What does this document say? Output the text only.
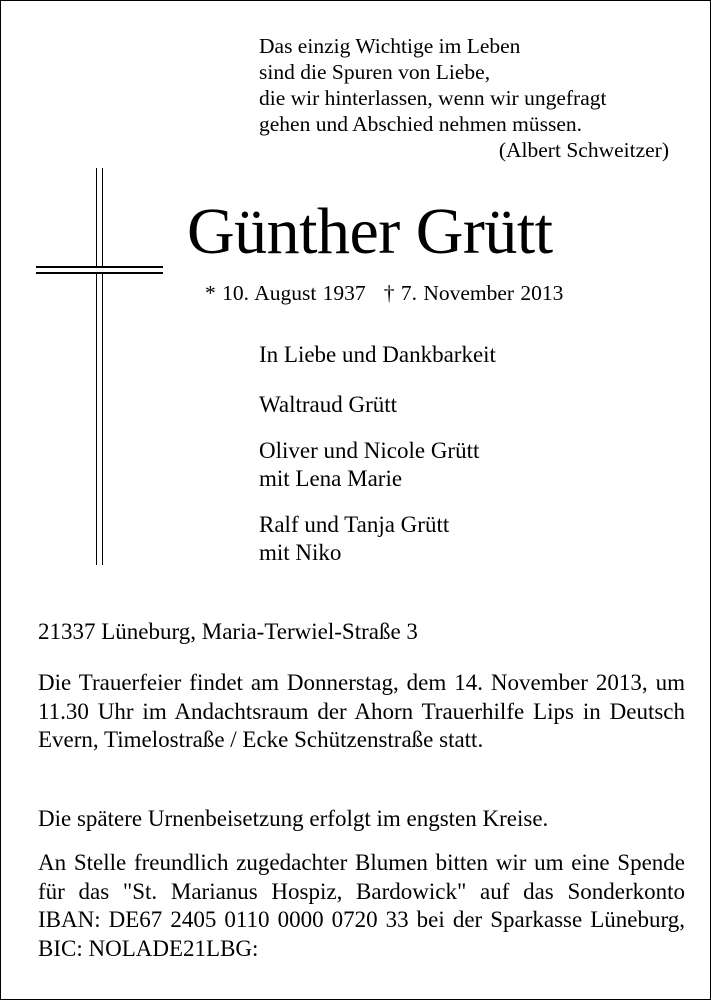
Das einzig Wichtige im Leben
sind die Spuren von Liebe,
die wir hinterlassen, wenn wir ungefragt
gehen und Abschied nehmen müssen.
(Albert Schweitzer)
Günther Grütt
* 10. August 1937 † 7. November 2013
In Liebe und Dankbarkeit
Waltraud Grütt
Oliver und Nicole Grütt
mit Lena Marie
Ralf und Tanja Grütt
mit Niko
21337 Lüneburg, Maria-Terwiel-Straße 3
Die Trauerfeier findet am Donnerstag, dem 14. November 2013, um 11.30 Uhr im Andachtsraum der Ahorn Trauerhilfe Lips in Deutsch Evern, Timelostraße / Ecke Schützenstraße statt.
Die spätere Urnenbeisetzung erfolgt im engsten Kreise.
An Stelle freundlich zugedachter Blumen bitten wir um eine Spende für das "St. Marianus Hospiz, Bardowick" auf das Sonderkonto IBAN: DE67 2405 0110 0000 0720 33 bei der Sparkasse Lüneburg, BIC: NOLADE21LBG:
